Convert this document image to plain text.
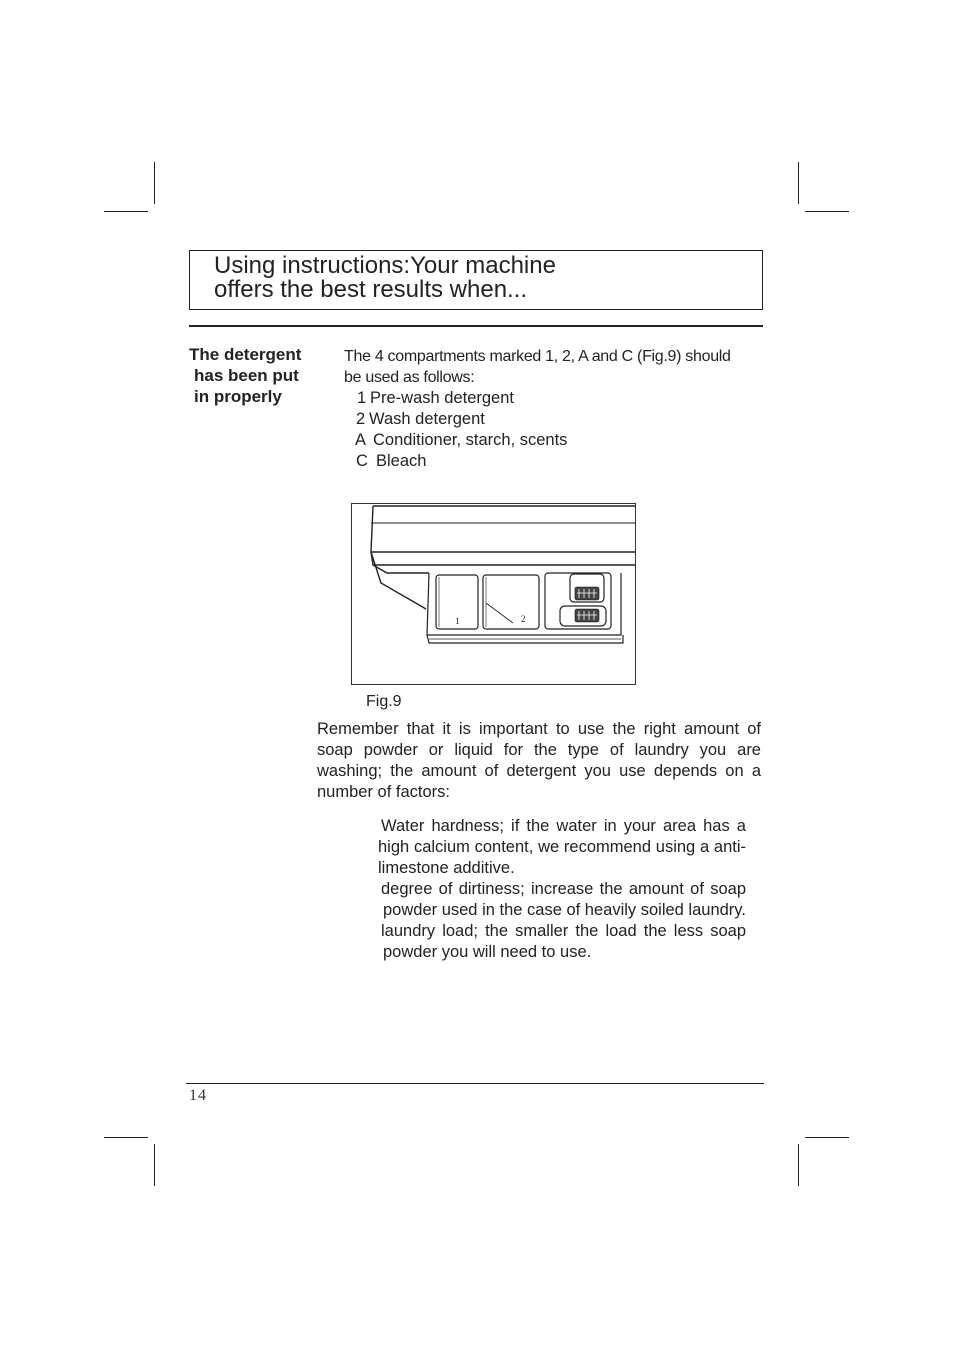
Using instructions:Your machine
offers the best results when...
The detergent
has been put
in properly
The 4 compartments marked 1, 2, A and C (Fig.9) should
be used as follows:
1 Pre-wash detergent
2 Wash detergent
A Conditioner, starch, scents
C Bleach
1	2
Fig.9
Remember that it is important to use the right amount of soap powder or liquid for the type of laundry you are washing; the amount of detergent you use depends on a number of factors:

Water hardness; if the water in your area has a high calcium content, we recommend using a anti-limestone additive.

degree of dirtiness; increase the amount of soap powder used in the case of heavily soiled laundry.

laundry load; the smaller the load the less soap powder you will need to use.

14
